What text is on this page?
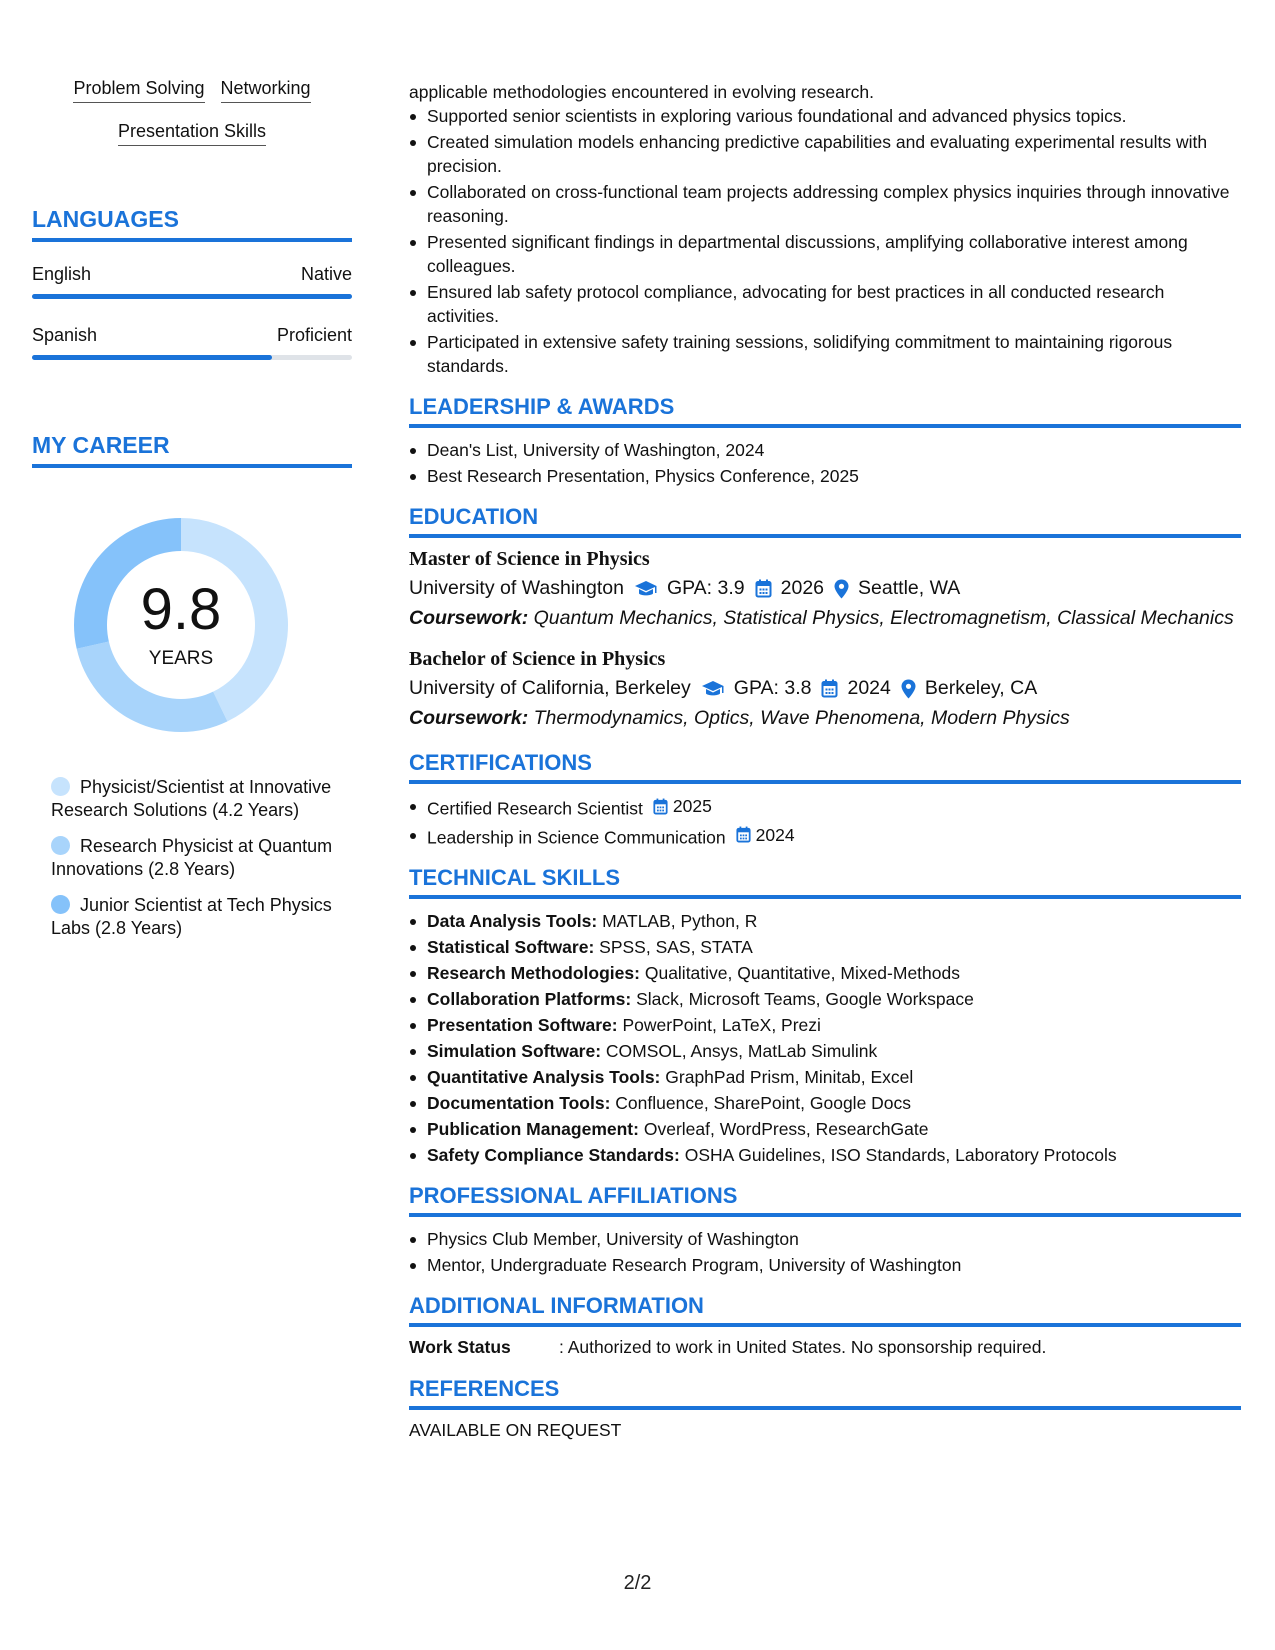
Problem Solving Networking
Presentation Skills
LANGUAGES
English	Native
Spanish	Proficient
MY CAREER
9.8
YEARS
Physicist/Scientist at Innovative Research Solutions (4.2 Years)
Research Physicist at Quantum Innovations (2.8 Years)
Junior Scientist at Tech Physics Labs (2.8 Years)
applicable methodologies encountered in evolving research.
Supported senior scientists in exploring various foundational and advanced physics topics.
Created simulation models enhancing predictive capabilities and evaluating experimental results with precision.
Collaborated on cross-functional team projects addressing complex physics inquiries through innovative reasoning.
Presented significant findings in departmental discussions, amplifying collaborative interest among colleagues.
Ensured lab safety protocol compliance, advocating for best practices in all conducted research activities.
Participated in extensive safety training sessions, solidifying commitment to maintaining rigorous standards.
LEADERSHIP & AWARDS
Dean's List, University of Washington, 2024
Best Research Presentation, Physics Conference, 2025
EDUCATION
Master of Science in Physics
University of Washington GPA: 3.9 2026 Seattle, WA
Coursework: Quantum Mechanics, Statistical Physics, Electromagnetism, Classical Mechanics
Bachelor of Science in Physics
University of California, Berkeley GPA: 3.8 2024 Berkeley, CA
Coursework: Thermodynamics, Optics, Wave Phenomena, Modern Physics
CERTIFICATIONS
Certified Research Scientist 2025
Leadership in Science Communication 2024
TECHNICAL SKILLS
Data Analysis Tools: MATLAB, Python, R
Statistical Software: SPSS, SAS, STATA
Research Methodologies: Qualitative, Quantitative, Mixed-Methods
Collaboration Platforms: Slack, Microsoft Teams, Google Workspace
Presentation Software: PowerPoint, LaTeX, Prezi
Simulation Software: COMSOL, Ansys, MatLab Simulink
Quantitative Analysis Tools: GraphPad Prism, Minitab, Excel
Documentation Tools: Confluence, SharePoint, Google Docs
Publication Management: Overleaf, WordPress, ResearchGate
Safety Compliance Standards: OSHA Guidelines, ISO Standards, Laboratory Protocols
PROFESSIONAL AFFILIATIONS
Physics Club Member, University of Washington
Mentor, Undergraduate Research Program, University of Washington
ADDITIONAL INFORMATION
Work Status	: Authorized to work in United States. No sponsorship required.
REFERENCES
AVAILABLE ON REQUEST
2/2
